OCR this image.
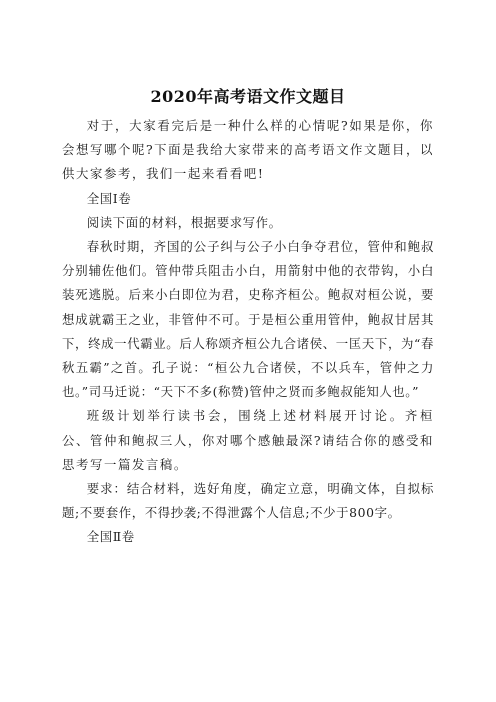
2020年高考语文作文题目

对于，大家看完后是一种什么样的心情呢?如果是你，你会想写哪个呢?下面是我给大家带来的高考语文作文题目，以供大家参考，我们一起来看看吧!

全国Ⅰ卷

阅读下面的材料，根据要求写作。

春秋时期，齐国的公子纠与公子小白争夺君位，管仲和鲍叔分别辅佐他们。管仲带兵阻击小白，用箭射中他的衣带钩，小白装死逃脱。后来小白即位为君，史称齐桓公。鲍叔对桓公说，要想成就霸王之业，非管仲不可。于是桓公重用管仲，鲍叔甘居其下，终成一代霸业。后人称颂齐桓公九合诸侯、一匡天下，为“春秋五霸”之首。孔子说：“桓公九合诸侯，不以兵车，管仲之力也。”司马迁说：“天下不多(称赞)管仲之贤而多鲍叔能知人也。”

班级计划举行读书会，围绕上述材料展开讨论。齐桓公、管仲和鲍叔三人，你对哪个感触最深?请结合你的感受和思考写一篇发言稿。

要求：结合材料，选好角度，确定立意，明确文体，自拟标题;不要套作，不得抄袭;不得泄露个人信息;不少于800字。

全国Ⅱ卷
